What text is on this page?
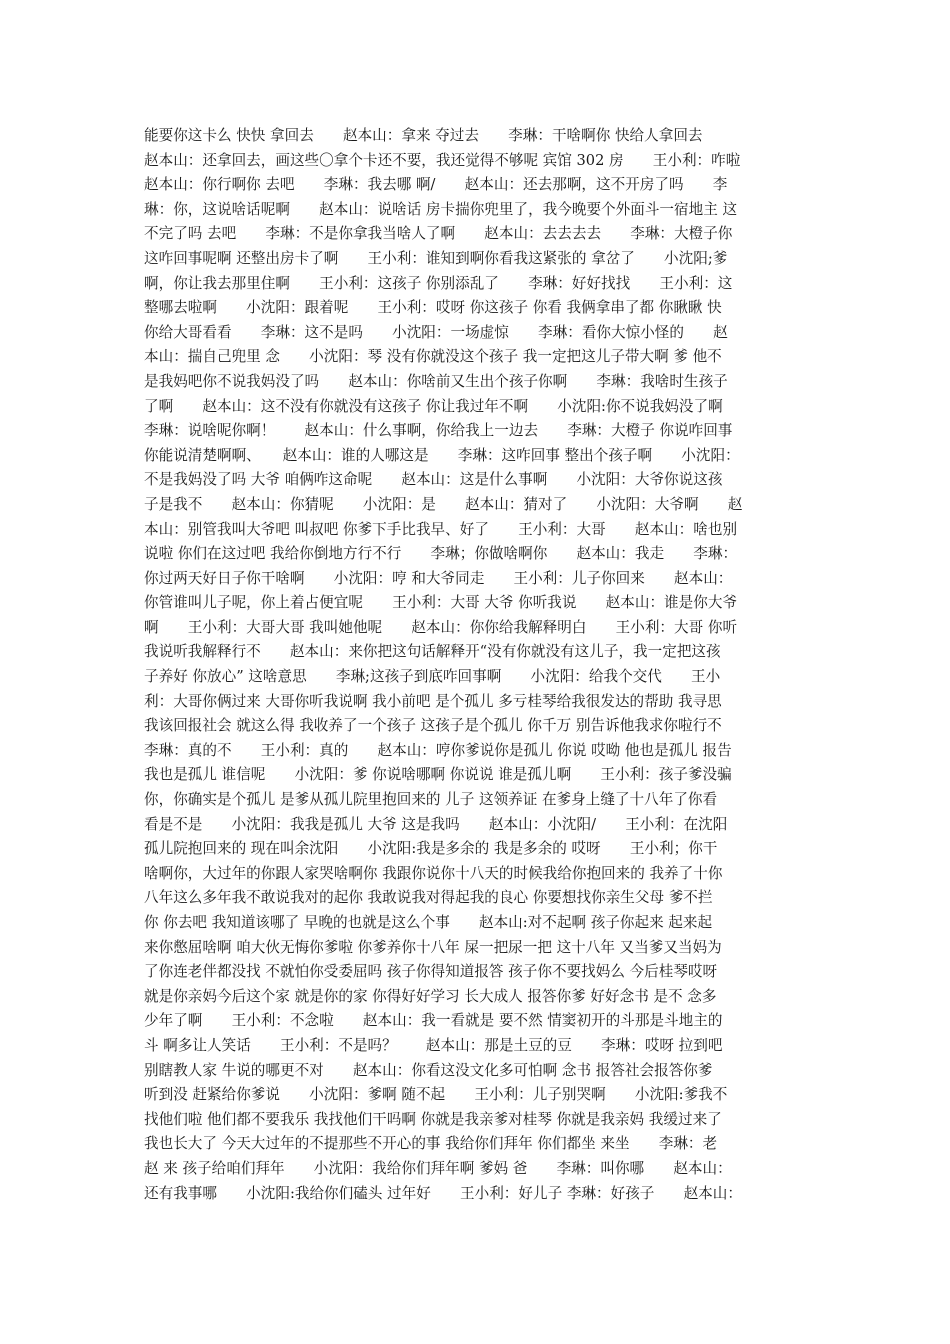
能要你这卡么 快快 拿回去　　赵本山：拿来 夺过去　　李琳：干啥啊你 快给人拿回去
赵本山：还拿回去，画这些〇拿个卡还不要，我还觉得不够呢 宾馆 302 房　　王小利：咋啦
赵本山：你行啊你 去吧　　李琳：我去哪 啊/　　赵本山：还去那啊，这不开房了吗　　李
琳：你，这说啥话呢啊　　赵本山：说啥话 房卡揣你兜里了，我今晚要个外面斗一宿地主 这
不完了吗 去吧　　李琳：不是你拿我当啥人了啊　　赵本山：去去去去　　李琳：大橙子你
这咋回事呢啊 还整出房卡了啊　　王小利：谁知到啊你看我这紧张的 拿岔了　　小沈阳;爹
啊，你让我去那里住啊　　王小利：这孩子 你别添乱了　　李琳：好好找找　　王小利：这
整哪去啦啊　　小沈阳：跟着呢　　王小利：哎呀 你这孩子 你看 我俩拿串了都 你瞅瞅 快
你给大哥看看　　李琳：这不是吗　　小沈阳：一场虚惊　　李琳：看你大惊小怪的　　赵
本山：揣自己兜里 念　　小沈阳：琴 没有你就没这个孩子 我一定把这儿子带大啊 爹 他不
是我妈吧你不说我妈没了吗　　赵本山：你啥前又生出个孩子你啊　　李琳：我啥时生孩子
了啊　　赵本山：这不没有你就没有这孩子 你让我过年不啊　　小沈阳:你不说我妈没了啊
李琳：说啥呢你啊！　　赵本山：什么事啊，你给我上一边去　　李琳：大橙子 你说咋回事
你能说清楚啊啊、　　赵本山：谁的人哪这是　　李琳：这咋回事 整出个孩子啊　　小沈阳：
不是我妈没了吗 大爷 咱俩咋这命呢　　赵本山：这是什么事啊　　小沈阳：大爷你说这孩
子是我不　　赵本山：你猜呢　　小沈阳：是　　赵本山：猜对了　　小沈阳：大爷啊　　赵
本山：别管我叫大爷吧 叫叔吧 你爹下手比我早、好了　　王小利：大哥　　赵本山：啥也别
说啦 你们在这过吧 我给你倒地方行不行　　李琳；你做啥啊你　　赵本山：我走　　李琳：
你过两天好日子你干啥啊　　小沈阳：哼 和大爷同走　　王小利：儿子你回来　　赵本山：
你管谁叫儿子呢，你上着占便宜呢　　王小利：大哥 大爷 你听我说　　赵本山：谁是你大爷
啊　　王小利：大哥大哥 我叫她他呢　　赵本山：你你给我解释明白　　王小利：大哥 你听
我说听我解释行不　　赵本山：来你把这句话解释开“没有你就没有这儿子，我一定把这孩
子养好 你放心” 这啥意思　　李琳;这孩子到底咋回事啊　　小沈阳：给我个交代　　王小
利：大哥你俩过来 大哥你听我说啊 我小前吧 是个孤儿 多亏桂琴给我很发达的帮助 我寻思
我该回报社会 就这么得 我收养了一个孩子 这孩子是个孤儿 你千万 别告诉他我求你啦行不
李琳：真的不　　王小利：真的　　赵本山：哼你爹说你是孤儿 你说 哎呦 他也是孤儿 报告
我也是孤儿 谁信呢　　小沈阳：爹 你说啥哪啊 你说说 谁是孤儿啊　　王小利：孩子爹没骗
你，你确实是个孤儿 是爹从孤儿院里抱回来的 儿子 这领养证 在爹身上缝了十八年了你看
看是不是　　小沈阳：我我是孤儿 大爷 这是我吗　　赵本山：小沈阳/　　王小利：在沈阳
孤儿院抱回来的 现在叫余沈阳　　小沈阳:我是多余的 我是多余的 哎呀　　王小利；你干
啥啊你，大过年的你跟人家哭啥啊你 我跟你说你十八天的时候我给你抱回来的 我养了十你
八年这么多年我不敢说我对的起你 我敢说我对得起我的良心 你要想找你亲生父母 爹不拦
你 你去吧 我知道该哪了 早晚的也就是这么个事　　赵本山:对不起啊 孩子你起来 起来起
来你憋屈啥啊 咱大伙无悔你爹啦 你爹养你十八年 屎一把尿一把 这十八年 又当爹又当妈为
了你连老伴都没找 不就怕你受委屈吗 孩子你得知道报答 孩子你不要找妈么 今后桂琴哎呀
就是你亲妈今后这个家 就是你的家 你得好好学习 长大成人 报答你爹 好好念书 是不 念多
少年了啊　　王小利：不念啦　　赵本山：我一看就是 要不然 情窦初开的斗那是斗地主的
斗 啊多让人笑话　　王小利：不是吗？　　赵本山：那是土豆的豆　　李琳：哎呀 拉到吧
别瞎教人家 牛说的哪更不对　　赵本山：你看这没文化多可怕啊 念书 报答社会报答你爹
听到没 赶紧给你爹说　　小沈阳：爹啊 随不起　　王小利：儿子别哭啊　　小沈阳:爹我不
找他们啦 他们都不要我乐 我找他们干吗啊 你就是我亲爹对桂琴 你就是我亲妈 我缓过来了
我也长大了 今天大过年的不提那些不开心的事 我给你们拜年 你们都坐 来坐　　李琳：老
赵 来 孩子给咱们拜年　　小沈阳：我给你们拜年啊 爹妈 爸　　李琳：叫你哪　　赵本山：
还有我事哪　　小沈阳:我给你们磕头 过年好　　王小利：好儿子 李琳：好孩子　　赵本山：
